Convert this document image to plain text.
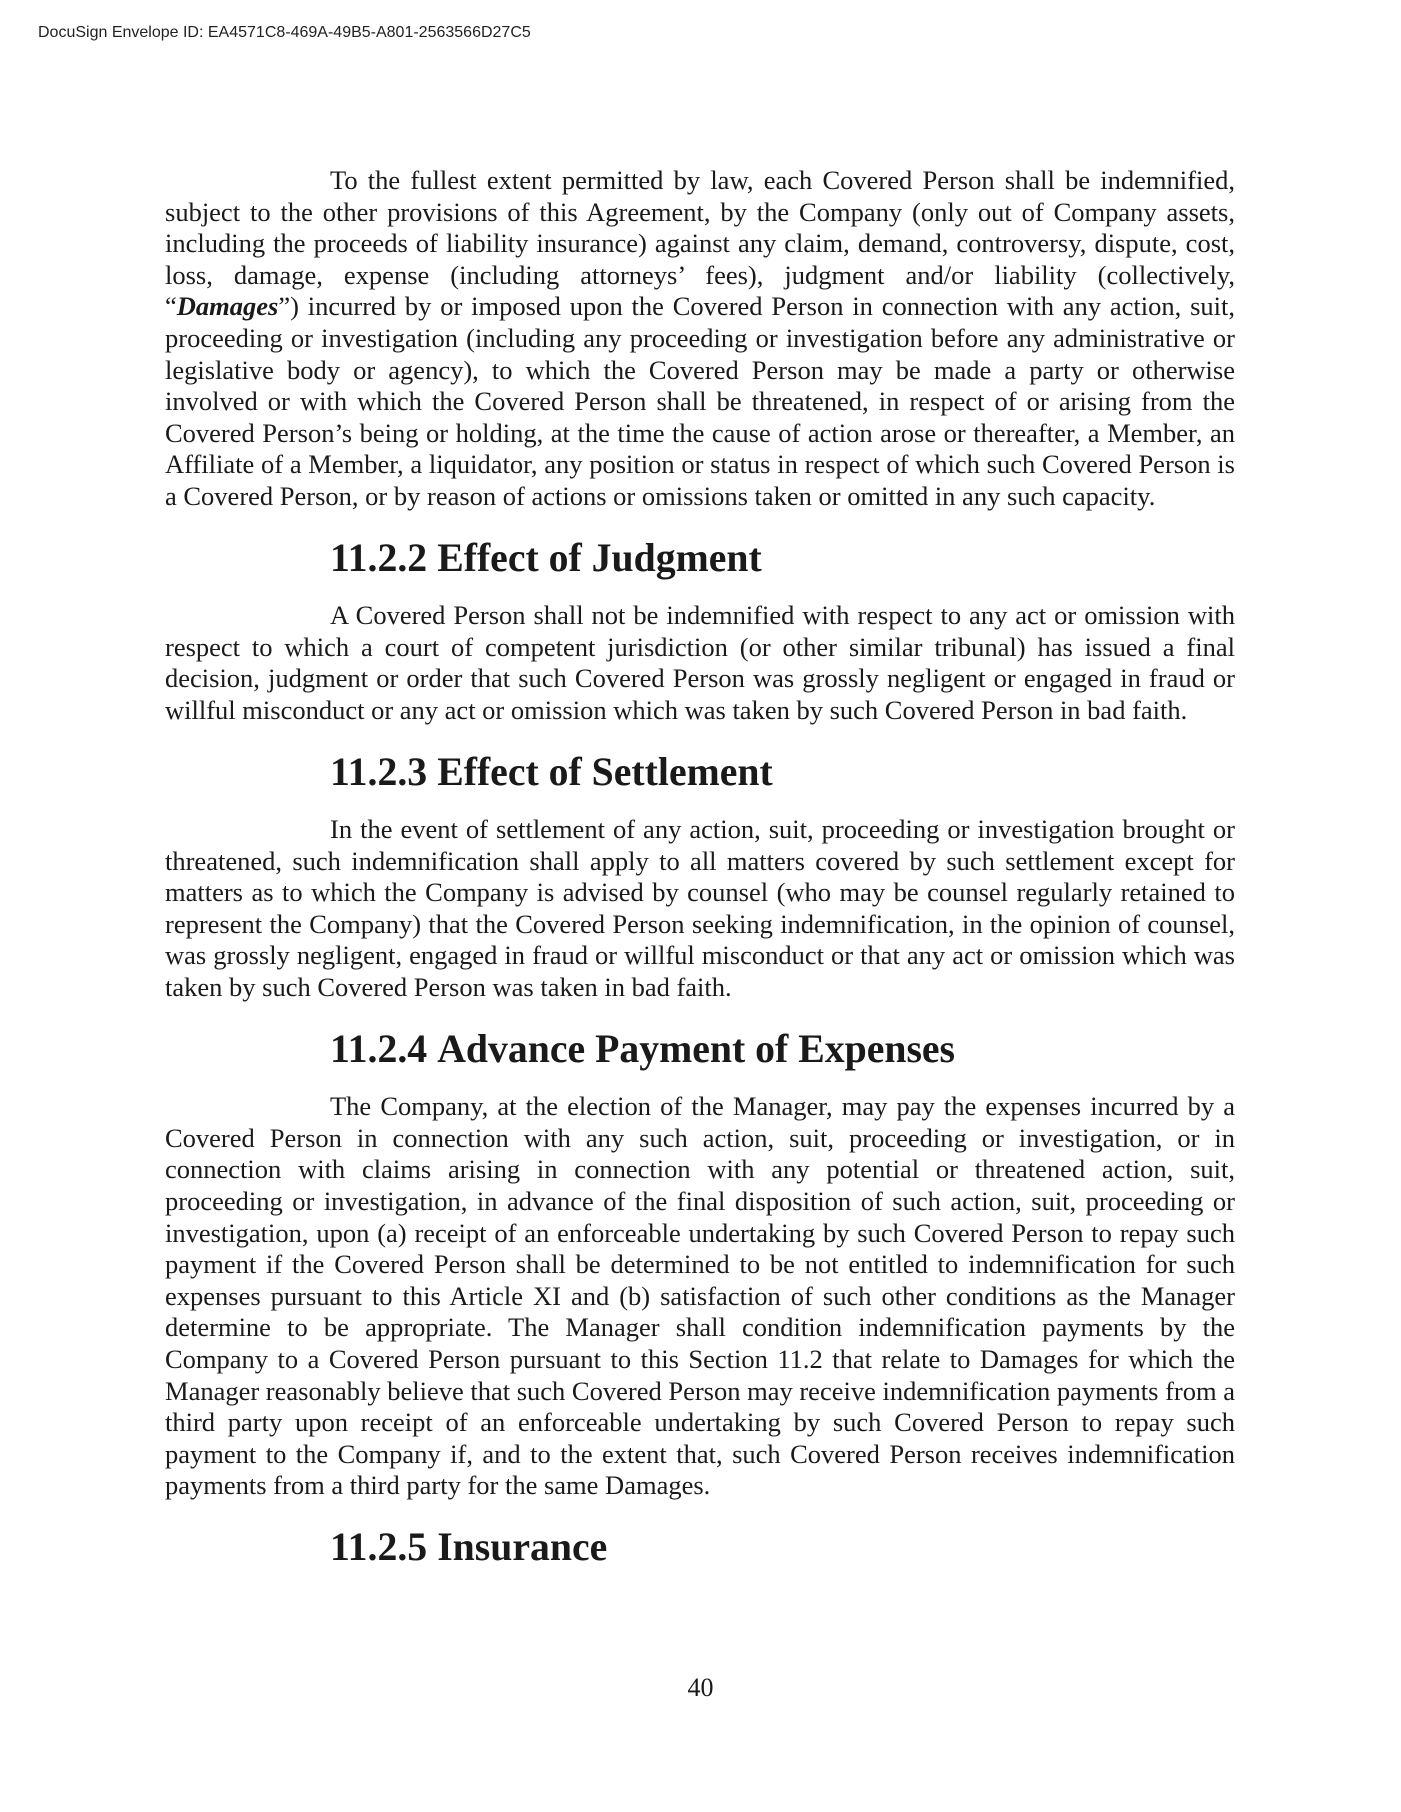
DocuSign Envelope ID: EA4571C8-469A-49B5-A801-2563566D27C5

To the fullest extent permitted by law, each Covered Person shall be indemnified, subject to the other provisions of this Agreement, by the Company (only out of Company assets, including the proceeds of liability insurance) against any claim, demand, controversy, dispute, cost, loss, damage, expense (including attorneys’ fees), judgment and/or liability (collectively, “Damages”) incurred by or imposed upon the Covered Person in connection with any action, suit, proceeding or investigation (including any proceeding or investigation before any administrative or legislative body or agency), to which the Covered Person may be made a party or otherwise involved or with which the Covered Person shall be threatened, in respect of or arising from the Covered Person’s being or holding, at the time the cause of action arose or thereafter, a Member, an Affiliate of a Member, a liquidator, any position or status in respect of which such Covered Person is a Covered Person, or by reason of actions or omissions taken or omitted in any such capacity.

11.2.2 Effect of Judgment

A Covered Person shall not be indemnified with respect to any act or omission with respect to which a court of competent jurisdiction (or other similar tribunal) has issued a final decision, judgment or order that such Covered Person was grossly negligent or engaged in fraud or willful misconduct or any act or omission which was taken by such Covered Person in bad faith.

11.2.3 Effect of Settlement

In the event of settlement of any action, suit, proceeding or investigation brought or threatened, such indemnification shall apply to all matters covered by such settlement except for matters as to which the Company is advised by counsel (who may be counsel regularly retained to represent the Company) that the Covered Person seeking indemnification, in the opinion of counsel, was grossly negligent, engaged in fraud or willful misconduct or that any act or omission which was taken by such Covered Person was taken in bad faith.

11.2.4 Advance Payment of Expenses

The Company, at the election of the Manager, may pay the expenses incurred by a Covered Person in connection with any such action, suit, proceeding or investigation, or in connection with claims arising in connection with any potential or threatened action, suit, proceeding or investigation, in advance of the final disposition of such action, suit, proceeding or investigation, upon (a) receipt of an enforceable undertaking by such Covered Person to repay such payment if the Covered Person shall be determined to be not entitled to indemnification for such expenses pursuant to this Article XI and (b) satisfaction of such other conditions as the Manager determine to be appropriate. The Manager shall condition indemnification payments by the Company to a Covered Person pursuant to this Section 11.2 that relate to Damages for which the Manager reasonably believe that such Covered Person may receive indemnification payments from a third party upon receipt of an enforceable undertaking by such Covered Person to repay such payment to the Company if, and to the extent that, such Covered Person receives indemnification payments from a third party for the same Damages.

11.2.5 Insurance
40
